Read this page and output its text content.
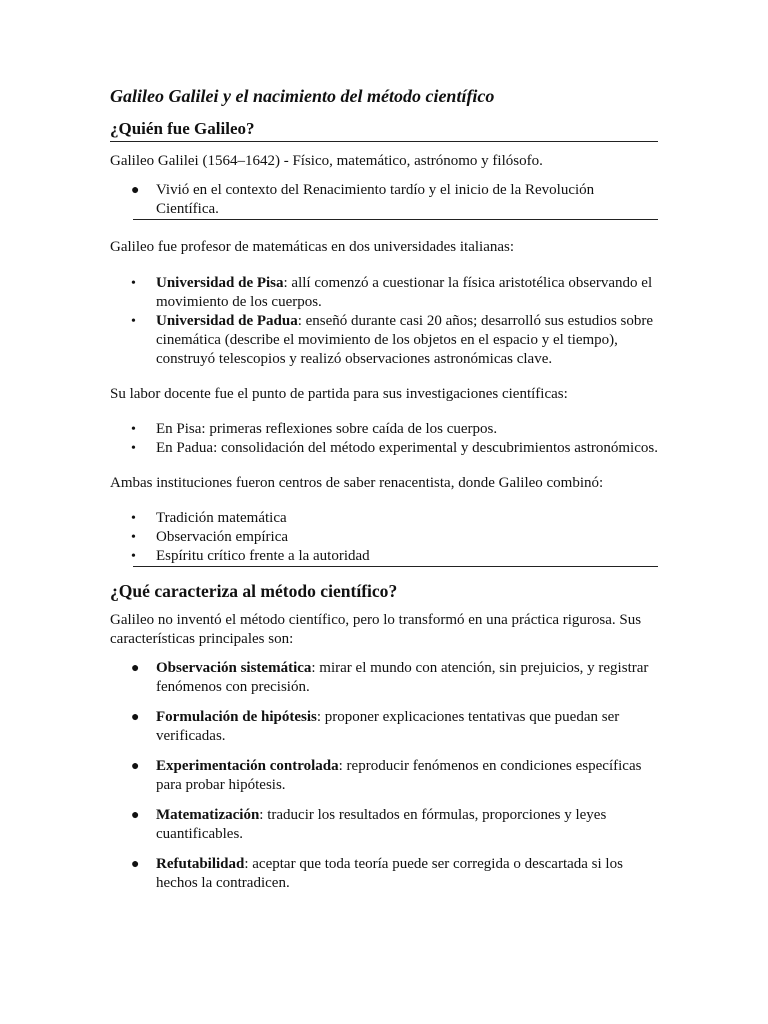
Galileo Galilei y el nacimiento del método científico
¿Quién fue Galileo?

Galileo Galilei (1564–1642) - Físico, matemático, astrónomo y filósofo.

● Vivió en el contexto del Renacimiento tardío y el inicio de la Revolución Científica.

Galileo fue profesor de matemáticas en dos universidades italianas:

• Universidad de Pisa: allí comenzó a cuestionar la física aristotélica observando el movimiento de los cuerpos.
• Universidad de Padua: enseñó durante casi 20 años; desarrolló sus estudios sobre cinemática (describe el movimiento de los objetos en el espacio y el tiempo), construyó telescopios y realizó observaciones astronómicas clave.

Su labor docente fue el punto de partida para sus investigaciones científicas:

• En Pisa: primeras reflexiones sobre caída de los cuerpos.
• En Padua: consolidación del método experimental y descubrimientos astronómicos.

Ambas instituciones fueron centros de saber renacentista, donde Galileo combinó:

• Tradición matemática
• Observación empírica
• Espíritu crítico frente a la autoridad
¿Qué caracteriza al método científico?

Galileo no inventó el método científico, pero lo transformó en una práctica rigurosa. Sus características principales son:

● Observación sistemática: mirar el mundo con atención, sin prejuicios, y registrar fenómenos con precisión.
● Formulación de hipótesis: proponer explicaciones tentativas que puedan ser verificadas.
● Experimentación controlada: reproducir fenómenos en condiciones específicas para probar hipótesis.
● Matematización: traducir los resultados en fórmulas, proporciones y leyes cuantificables.
● Refutabilidad: aceptar que toda teoría puede ser corregida o descartada si los hechos la contradicen.
